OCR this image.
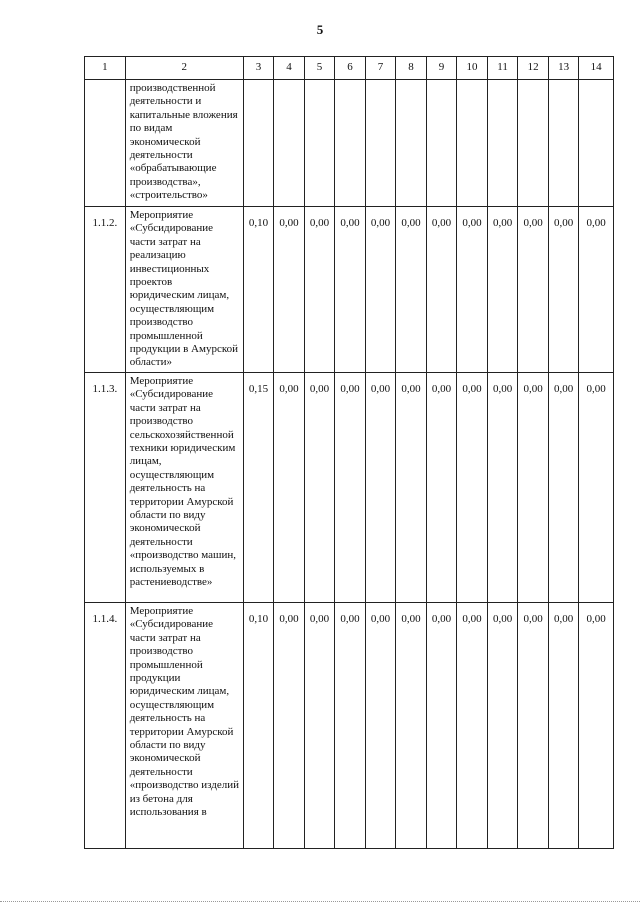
5
1	2	3	4	5	6	7	8	9	10	11	12	13	14
	производственной деятельности и капитальные вложения по видам экономической деятельности «обрабатывающие производства», «строительство»												
1.1.2.	Мероприятие «Субсидирование части затрат на реализацию инвестиционных проектов юридическим лицам, осуществляющим производство промышленной продукции в Амурской области»	0,10	0,00	0,00	0,00	0,00	0,00	0,00	0,00	0,00	0,00	0,00	0,00
1.1.3.	Мероприятие «Субсидирование части затрат на производство сельскохозяйственной техники юридическим лицам, осуществляющим деятельность на территории Амурской области по виду экономической деятельности «производство машин, используемых в растениеводстве»	0,15	0,00	0,00	0,00	0,00	0,00	0,00	0,00	0,00	0,00	0,00	0,00
1.1.4.	Мероприятие «Субсидирование части затрат на производство промышленной продукции юридическим лицам, осуществляющим деятельность на территории Амурской области по виду экономической деятельности «производство изделий из бетона для использования в	0,10	0,00	0,00	0,00	0,00	0,00	0,00	0,00	0,00	0,00	0,00	0,00
